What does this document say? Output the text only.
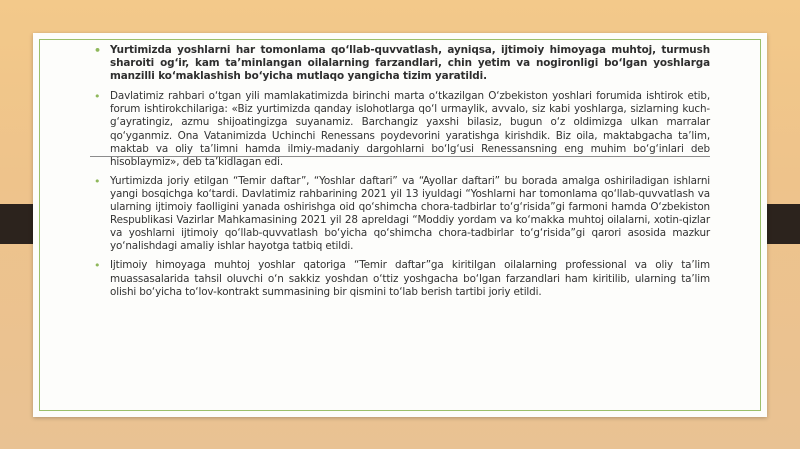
• Yurtimizda yoshlarni har tomonlama qo‘llab-quvvatlash, ayniqsa, ijtimoiy himoyaga muhtoj, turmush sharoiti og‘ir, kam ta’minlangan oilalarning farzandlari, chin yetim va nogironligi bo‘lgan yoshlarga manzilli ko‘maklashish bo‘yicha mutlaqo yangicha tizim yaratildi.
• Davlatimiz rahbari o‘tgan yili mamlakatimizda birinchi marta o‘tkazilgan O‘zbekiston yoshlari forumida ishtirok etib, forum ishtirokchilariga: «Biz yurtimizda qanday islohotlarga qo‘l urmaylik, avvalo, siz kabi yoshlarga, sizlarning kuch-g‘ayratingiz, azmu shijoatingizga suyanamiz. Barchangiz yaxshi bilasiz, bugun o‘z oldimizga ulkan marralar qo‘yganmiz. Ona Vatanimizda Uchinchi Renessans poydevorini yaratishga kirishdik. Biz oila, maktabgacha ta’lim, maktab va oliy ta’limni hamda ilmiy-madaniy dargohlarni bo‘lg‘usi Renessansning eng muhim bo‘g‘inlari deb hisoblaymiz», deb ta’kidlagan edi.
• Yurtimizda joriy etilgan “Temir daftar”, “Yoshlar daftari” va “Ayollar daftari” bu borada amalga oshiriladigan ishlarni yangi bosqichga ko‘tardi. Davlatimiz rahbarining 2021 yil 13 iyuldagi “Yoshlarni har tomonlama qo‘llab-quvvatlash va ularning ijtimoiy faolligini yanada oshirishga oid qo‘shimcha chora-tadbirlar to‘g‘risida”gi farmoni hamda O‘zbekiston Respublikasi Vazirlar Mahkamasining 2021 yil 28 apreldagi “Moddiy yordam va ko‘makka muhtoj oilalarni, xotin-qizlar va yoshlarni ijtimoiy qo‘llab-quvvatlash bo‘yicha qo‘shimcha chora-tadbirlar to‘g‘risida”gi qarori asosida mazkur yo‘nalishdagi amaliy ishlar hayotga tatbiq etildi.
• Ijtimoiy himoyaga muhtoj yoshlar qatoriga “Temir daftar”ga kiritilgan oilalarning professional va oliy ta’lim muassasalarida tahsil oluvchi o‘n sakkiz yoshdan o‘ttiz yoshgacha bo‘lgan farzandlari ham kiritilib, ularning ta’lim olishi bo‘yicha to‘lov-kontrakt summasining bir qismini to‘lab berish tartibi joriy etildi.
